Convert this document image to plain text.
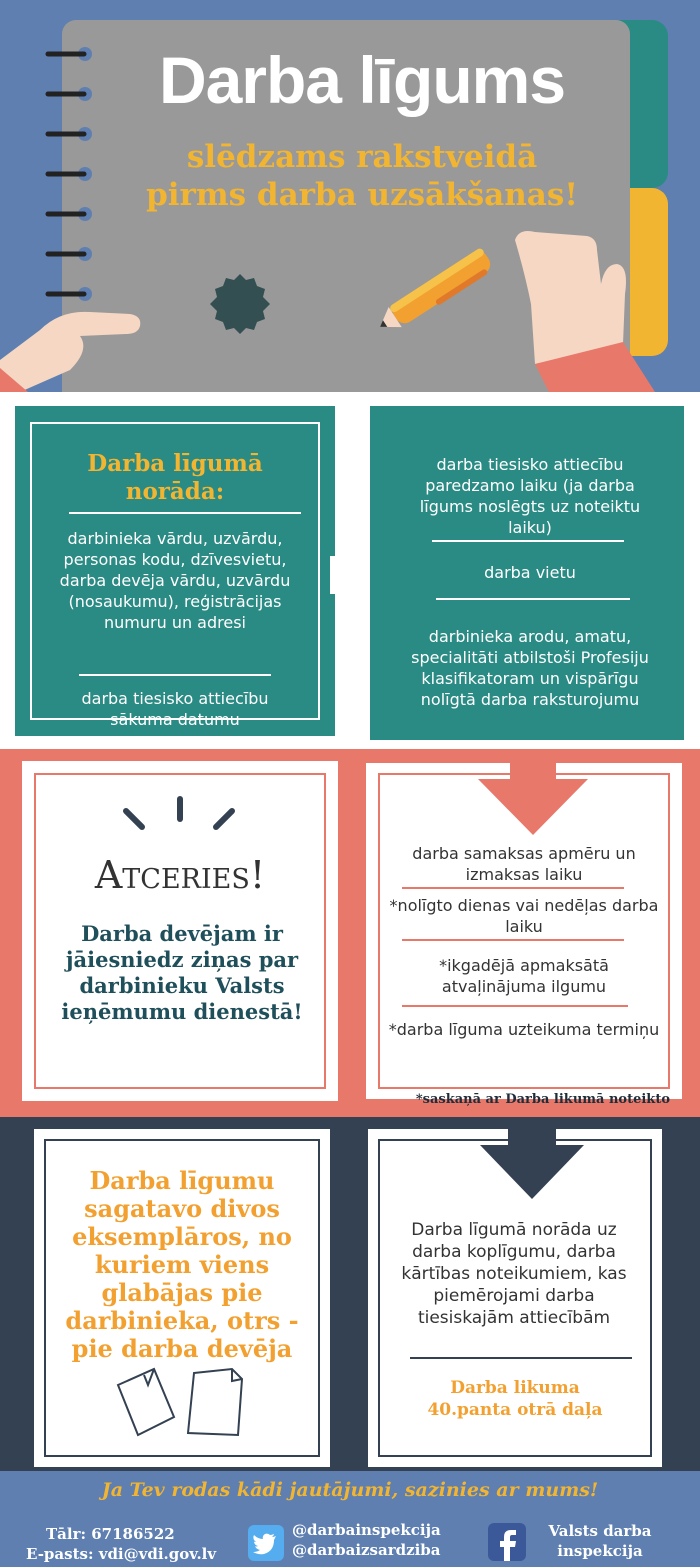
Darba līgums
slēdzams rakstveidā
pirms darba uzsākšanas!
Darba līgumā
norāda:
darbinieka vārdu, uzvārdu, personas kodu, dzīvesvietu, darba devēja vārdu, uzvārdu (nosaukumu), reģistrācijas numuru un adresi
darba tiesisko attiecību sākuma datumu
darba tiesisko attiecību paredzamo laiku (ja darba līgums noslēgts uz noteiktu laiku)
darba vietu
darbinieka arodu, amatu, specialitāti atbilstoši Profesiju klasifikatoram un vispārīgu nolīgtā darba raksturojumu
Atceries!
Darba devējam ir jāiesniedz ziņas par darbinieku Valsts ieņēmumu dienestā!
darba samaksas apmēru un izmaksas laiku
*nolīgto dienas vai nedēļas darba laiku
*ikgadējā apmaksātā atvaļinājuma ilgumu
*darba līguma uzteikuma termiņu
*saskaņā ar Darba likumā noteikto
Darba līgumu sagatavo divos eksemplāros, no kuriem viens glabājas pie darbinieka, otrs - pie darba devēja
Darba līgumā norāda uz darba koplīgumu, darba kārtības noteikumiem, kas piemērojami darba tiesiskajām attiecībām
Darba likuma
40.panta otrā daļa
Ja Tev rodas kādi jautājumi, sazinies ar mums!
Tālr: 67186522
E-pasts: vdi@vdi.gov.lv
@darbainspekcija
@darbaizsardziba
Valsts darba
inspekcija
